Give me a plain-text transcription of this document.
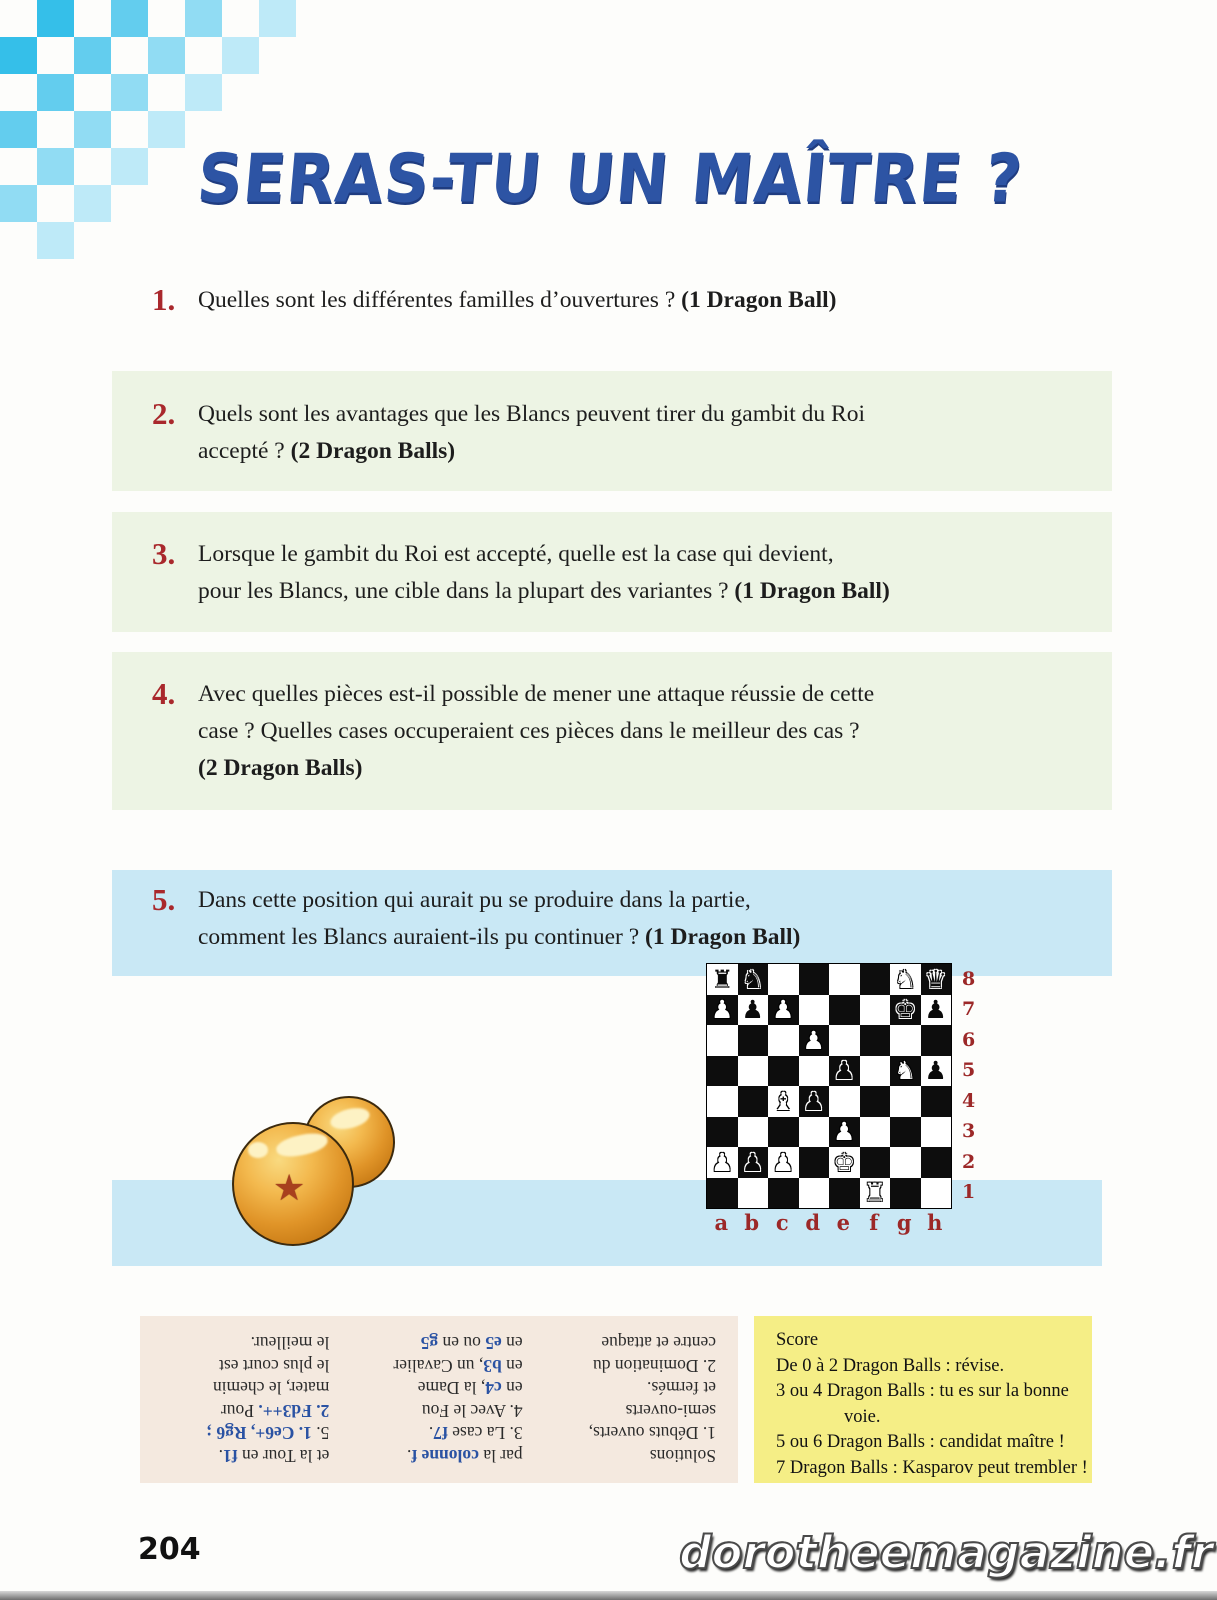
SERAS-TU UN MAÎTRE ?
1. Quelles sont les différentes familles d’ouvertures ? (1 Dragon Ball)
2. Quels sont les avantages que les Blancs peuvent tirer du gambit du Roi
accepté ? (2 Dragon Balls)
3. Lorsque le gambit du Roi est accepté, quelle est la case qui devient,
pour les Blancs, une cible dans la plupart des variantes ? (1 Dragon Ball)
4. Avec quelles pièces est-il possible de mener une attaque réussie de cette
case ? Quelles cases occuperaient ces pièces dans le meilleur des cas ?
(2 Dragon Balls)
5. Dans cette position qui aurait pu se produire dans la partie,
comment les Blancs auraient-ils pu continuer ? (1 Dragon Ball)
♜ ♞	♞ ♛
♟ ♟ ♟	♚ ♟
♟
♟ ♞ ♟
♝ ♟
♟
♟ ♟ ♟ ♚
♜
8
7
6
5
4
3
2
1
a b c d e f g h
★
Solutions
1. Débuts ouverts,
semi-ouverts
et fermés.
2. Domination du
centre et attaque
par la colonne f.
3. La case f7.
4. Avec le Fou
en c4, la Dame
en b3, un Cavalier
en e5 ou en g5
et la Tour en f1.
5. 1. Ce6+, Rg6 ;
2. Fd3++. Pour
mater, le chemin
le plus court est
le meilleur.	Score
De 0 à 2 Dragon Balls : révise.
3 ou 4 Dragon Balls : tu es sur la bonne
voie.
5 ou 6 Dragon Balls : candidat maître !
7 Dragon Balls : Kasparov peut trembler !
204	dorotheemagazine.fr
